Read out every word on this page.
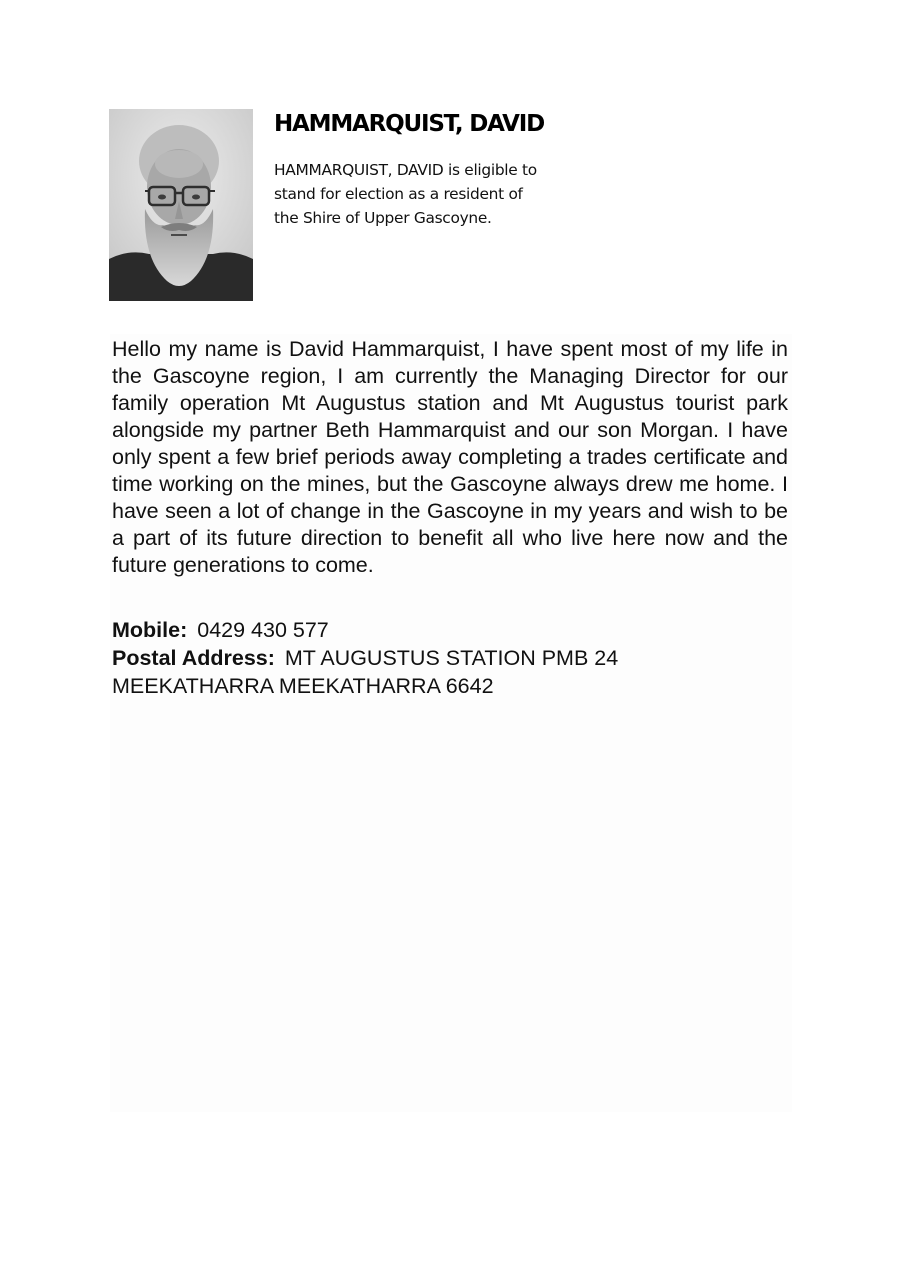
HAMMARQUIST, DAVID

HAMMARQUIST, DAVID is eligible to stand for election as a resident of the Shire of Upper Gascoyne.

Hello my name is David Hammarquist, I have spent most of my life in the Gascoyne region, I am currently the Managing Director for our family operation Mt Augustus station and Mt Augustus tourist park alongside my partner Beth Hammarquist and our son Morgan. I have only spent a few brief periods away completing a trades certificate and time working on the mines, but the Gascoyne always drew me home. I have seen a lot of change in the Gascoyne in my years and wish to be a part of its future direction to benefit all who live here now and the future generations to come.

Mobile: 0429 430 577

Postal Address: MT AUGUSTUS STATION PMB 24

MEEKATHARRA MEEKATHARRA 6642
